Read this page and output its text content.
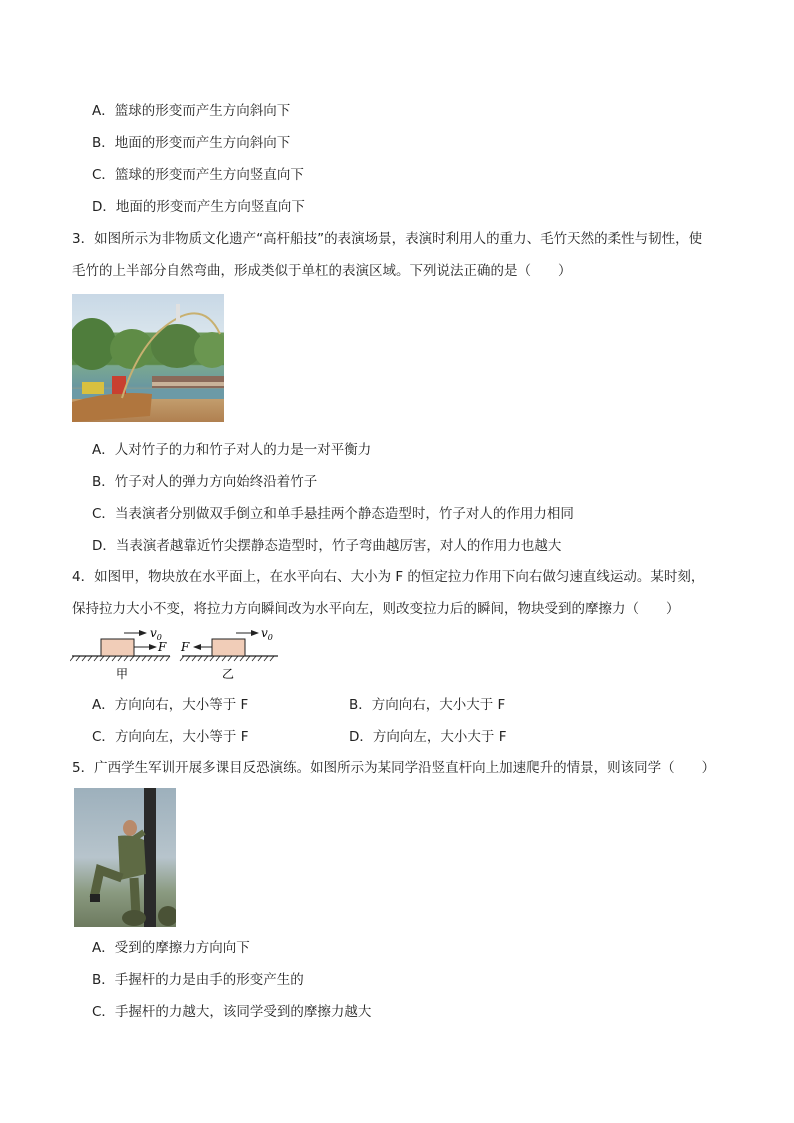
A．篮球的形变而产生方向斜向下
B．地面的形变而产生方向斜向下
C．篮球的形变而产生方向竖直向下
D．地面的形变而产生方向竖直向下
3．如图所示为非物质文化遗产“高杆船技”的表演场景，表演时利用人的重力、毛竹天然的柔性与韧性，使
毛竹的上半部分自然弯曲，形成类似于单杠的表演区域。下列说法正确的是（　　）
A．人对竹子的力和竹子对人的力是一对平衡力
B．竹子对人的弹力方向始终沿着竹子
C．当表演者分别做双手倒立和单手悬挂两个静态造型时，竹子对人的作用力相同
D．当表演者越靠近竹尖摆静态造型时，竹子弯曲越厉害，对人的作用力也越大
4．如图甲，物块放在水平面上，在水平向右、大小为 F 的恒定拉力作用下向右做匀速直线运动。某时刻，
保持拉力大小不变，将拉力方向瞬间改为水平向左，则改变拉力后的瞬间，物块受到的摩擦力（　　）
F
$v_0$
甲
F
$v_0$
乙
A．方向向右，大小等于 F	B．方向向右，大小大于 F
C．方向向左，大小等于 F	D．方向向左，大小大于 F
5．广西学生军训开展多课目反恐演练。如图所示为某同学沿竖直杆向上加速爬升的情景，则该同学（　　）
A．受到的摩擦力方向向下
B．手握杆的力是由手的形变产生的
C．手握杆的力越大，该同学受到的摩擦力越大
